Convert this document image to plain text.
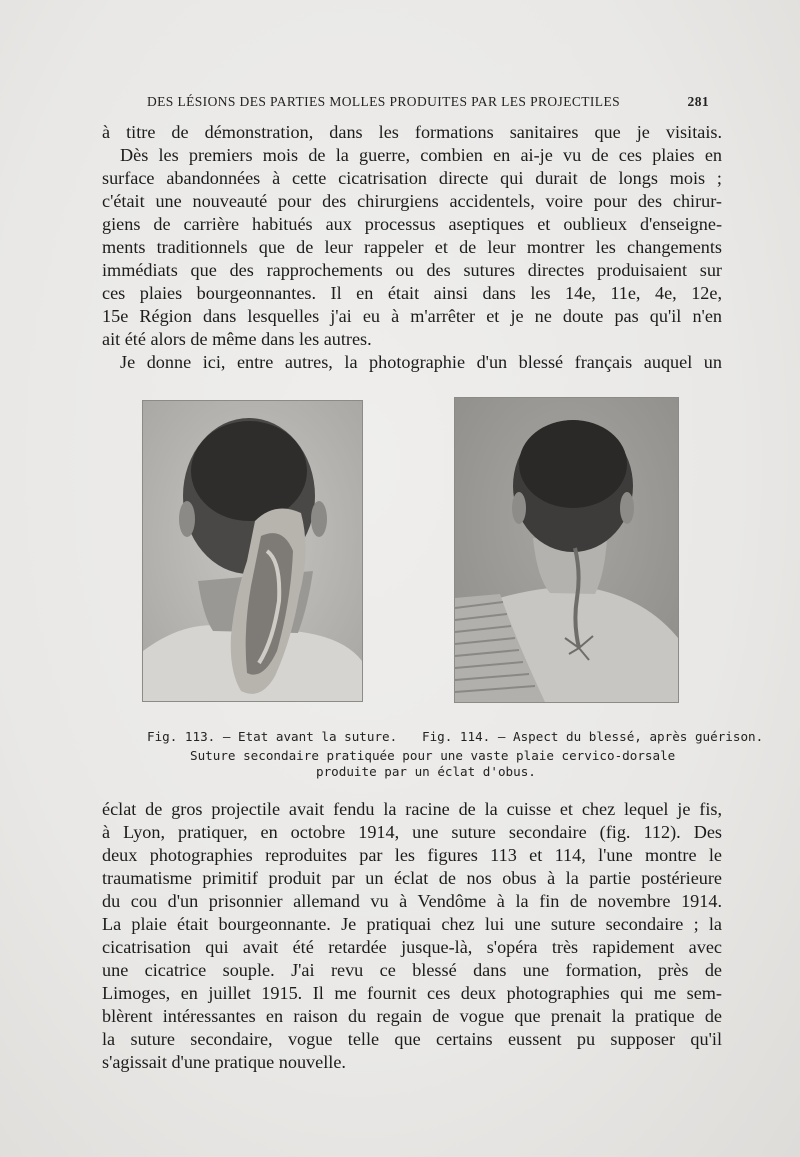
DES LÉSIONS DES PARTIES MOLLES PRODUITES PAR LES PROJECTILES	281

à titre de démonstration, dans les formations sanitaires que je visitais.
Dès les premiers mois de la guerre, combien en ai-je vu de ces plaies en
surface abandonnées à cette cicatrisation directe qui durait de longs mois ;
c'était une nouveauté pour des chirurgiens accidentels, voire pour des chirur-
giens de carrière habitués aux processus aseptiques et oublieux d'enseigne-
ments traditionnels que de leur rappeler et de leur montrer les changements
immédiats que des rapprochements ou des sutures directes produisaient sur
ces plaies bourgeonnantes. Il en était ainsi dans les 14e, 11e, 4e, 12e,
15e Région dans lesquelles j'ai eu à m'arrêter et je ne doute pas qu'il n'en
ait été alors de même dans les autres.
Je donne ici, entre autres, la photographie d'un blessé français auquel un

Fig. 113. — Etat avant la suture. Fig. 114. — Aspect du blessé, après guérison.
Suture secondaire pratiquée pour une vaste plaie cervico-dorsale
produite par un éclat d'obus.

éclat de gros projectile avait fendu la racine de la cuisse et chez lequel je fis,
à Lyon, pratiquer, en octobre 1914, une suture secondaire (fig. 112). Des
deux photographies reproduites par les figures 113 et 114, l'une montre le
traumatisme primitif produit par un éclat de nos obus à la partie postérieure
du cou d'un prisonnier allemand vu à Vendôme à la fin de novembre 1914.
La plaie était bourgeonnante. Je pratiquai chez lui une suture secondaire ; la
cicatrisation qui avait été retardée jusque-là, s'opéra très rapidement avec
une cicatrice souple. J'ai revu ce blessé dans une formation, près de
Limoges, en juillet 1915. Il me fournit ces deux photographies qui me sem-
blèrent intéressantes en raison du regain de vogue que prenait la pratique de
la suture secondaire, vogue telle que certains eussent pu supposer qu'il
s'agissait d'une pratique nouvelle.
